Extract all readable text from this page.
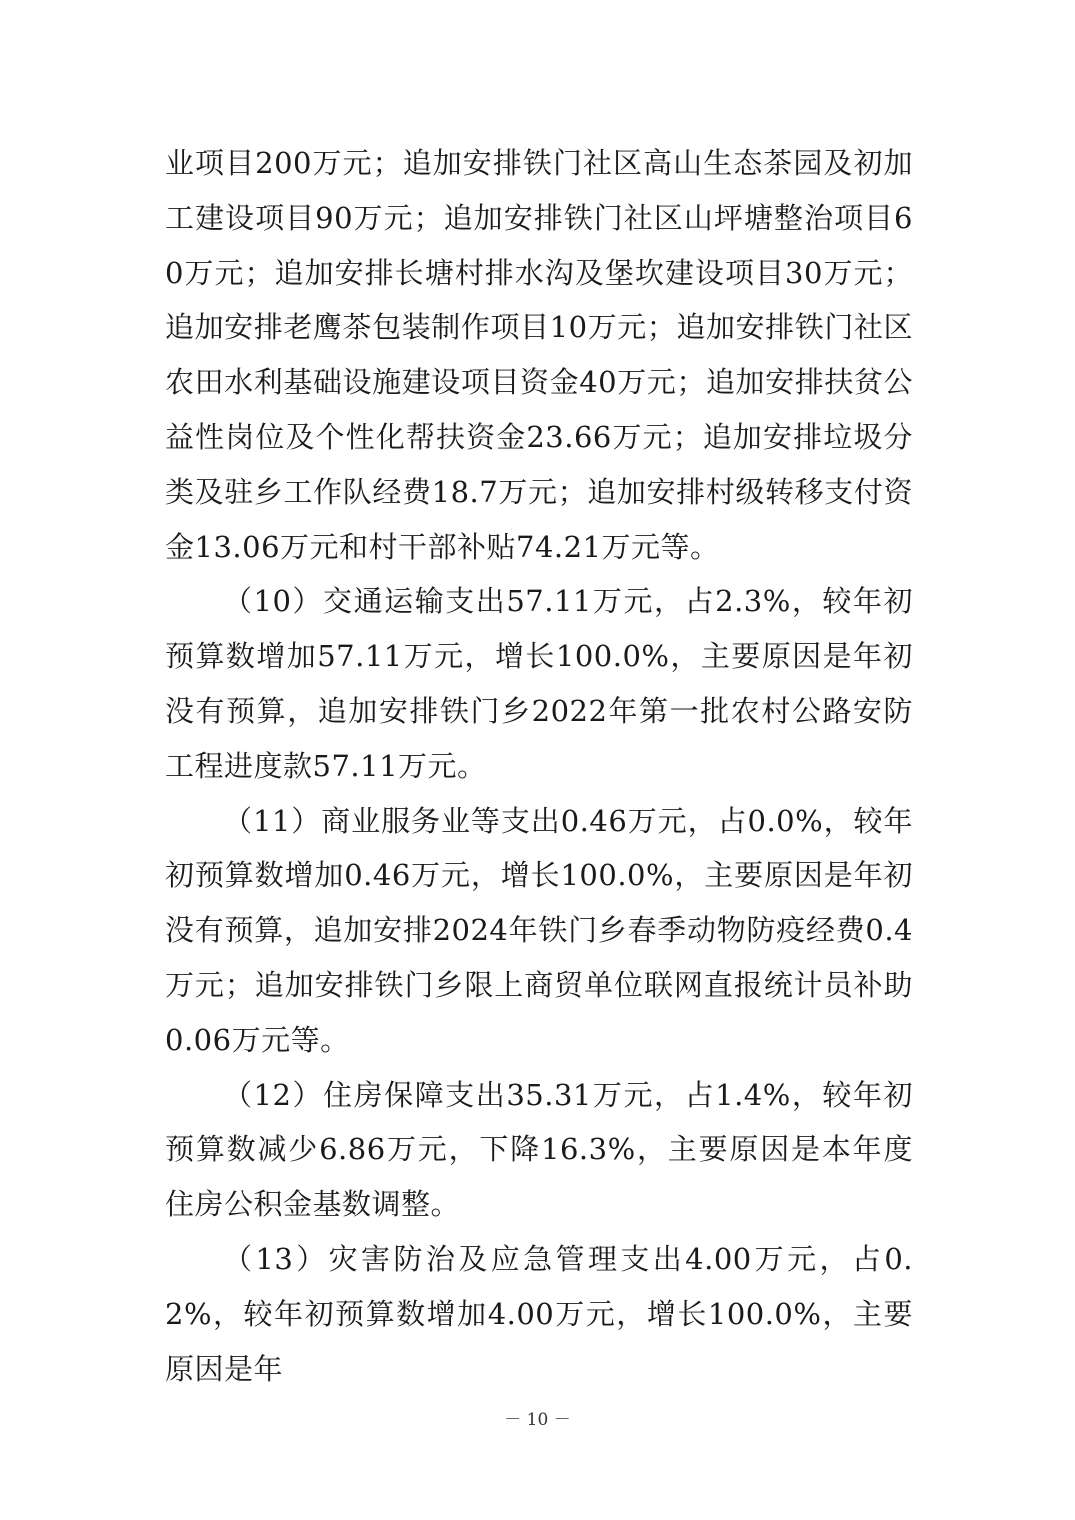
业项目200万元；追加安排铁门社区高山生态茶园及初加工建设项目90万元；追加安排铁门社区山坪塘整治项目60万元；追加安排长塘村排水沟及堡坎建设项目30万元；追加安排老鹰茶包装制作项目10万元；追加安排铁门社区农田水利基础设施建设项目资金40万元；追加安排扶贫公益性岗位及个性化帮扶资金23.66万元；追加安排垃圾分类及驻乡工作队经费18.7万元；追加安排村级转移支付资金13.06万元和村干部补贴74.21万元等。

（10）交通运输支出57.11万元，占2.3%，较年初预算数增加57.11万元，增长100.0%，主要原因是年初没有预算，追加安排铁门乡2022年第一批农村公路安防工程进度款57.11万元。

（11）商业服务业等支出0.46万元，占0.0%，较年初预算数增加0.46万元，增长100.0%，主要原因是年初没有预算，追加安排2024年铁门乡春季动物防疫经费0.4万元；追加安排铁门乡限上商贸单位联网直报统计员补助0.06万元等。

（12）住房保障支出35.31万元，占1.4%，较年初预算数减少6.86万元，下降16.3%，主要原因是本年度住房公积金基数调整。

（13）灾害防治及应急管理支出4.00万元，占0.2%，较年初预算数增加4.00万元，增长100.0%，主要原因是年

－ 10 －
